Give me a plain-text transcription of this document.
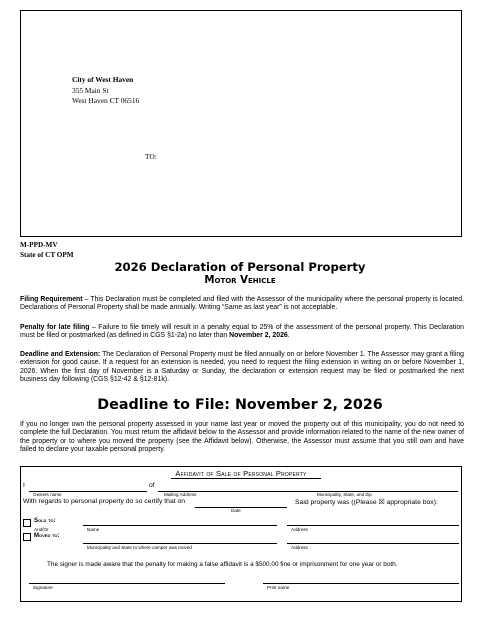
City of West Haven
355 Main St
West Haven CT 06516
TO:
M-PPD-MV
State of CT OPM
2026 Declaration of Personal Property
Motor Vehicle
Filing Requirement – This Declaration must be completed and filed with the Assessor of the municipality where the personal property is located. Declarations of Personal Property shall be made annually. Writing “Same as last year” is not acceptable.
Penalty for late filing – Failure to file timely will result in a penalty equal to 25% of the assessment of the personal property. This Declaration must be filed or postmarked (as defined in CGS §1-2a) no later than November 2, 2026.
Deadline and Extension: The Declaration of Personal Property must be filed annually on or before November 1. The Assessor may grant a filing extension for good cause. If a request for an extension is needed, you need to request the filing extension in writing on or before November 1, 2026. When the first day of November is a Saturday or Sunday, the declaration or extension request may be filed or postmarked the next business day following (CGS §12-42 & §12-81k).
Deadline to File: November 2, 2026
If you no longer own the personal property assessed in your name last year or moved the property out of this municipality, you do not need to complete the full Declaration. You must return the affidavit below to the Assessor and provide information related to the name of the new owner of the property or to where you moved the property (see the Affidavit below). Otherwise, the Assessor must assume that you still own and have failed to declare your taxable personal property.
Affidavit of Sale of Personal Property
I	of
Owners name	Mailing Address	Municipality, State, and Zip
With regards to personal property do so certify that on
Date
Said property was ((Please ☒ appropriate box):
Sold to:
And/Or	Name	Address
Moved to:
Municipality and State to where camper was moved	Address
The signer is made aware that the penalty for making a false affidavit is a $500.00 fine or imprisonment for one year or both.
Signature	Print name
